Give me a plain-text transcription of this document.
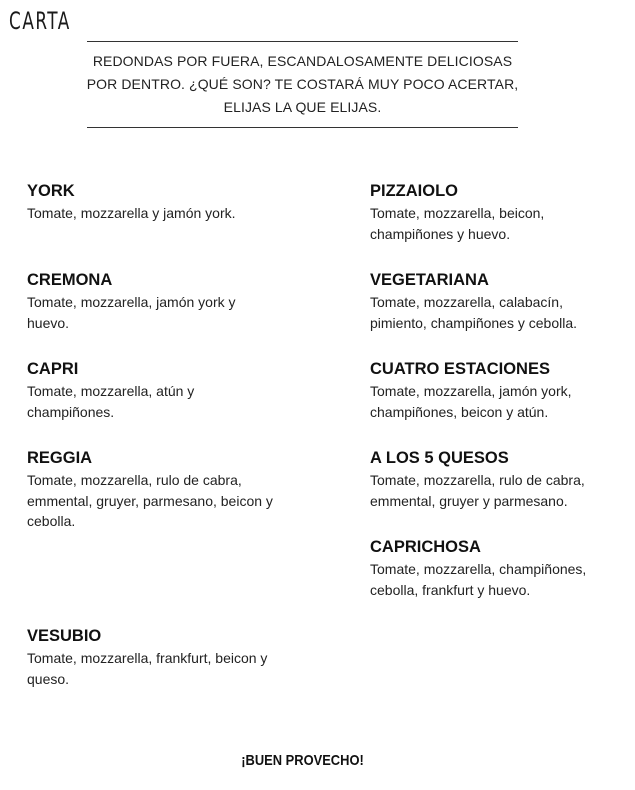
CARTA
REDONDAS POR FUERA, ESCANDALOSAMENTE DELICIOSAS
POR DENTRO. ¿QUÉ SON? TE COSTARÁ MUY POCO ACERTAR,
ELIJAS LA QUE ELIJAS.
YORK
Tomate, mozzarella y jamón york.
CREMONA
Tomate, mozzarella, jamón york y huevo.
CAPRI
Tomate, mozzarella, atún y champiñones.
REGGIA
Tomate, mozzarella, rulo de cabra, emmental, gruyer, parmesano, beicon y cebolla.
VESUBIO
Tomate, mozzarella, frankfurt, beicon y queso.
PIZZAIOLO
Tomate, mozzarella, beicon, champiñones y huevo.
VEGETARIANA
Tomate, mozzarella, calabacín, pimiento, champiñones y cebolla.
CUATRO ESTACIONES
Tomate, mozzarella, jamón york, champiñones, beicon y atún.
A LOS 5 QUESOS
Tomate, mozzarella, rulo de cabra, emmental, gruyer y parmesano.
CAPRICHOSA
Tomate, mozzarella, champiñones, cebolla, frankfurt y huevo.
¡BUEN PROVECHO!
